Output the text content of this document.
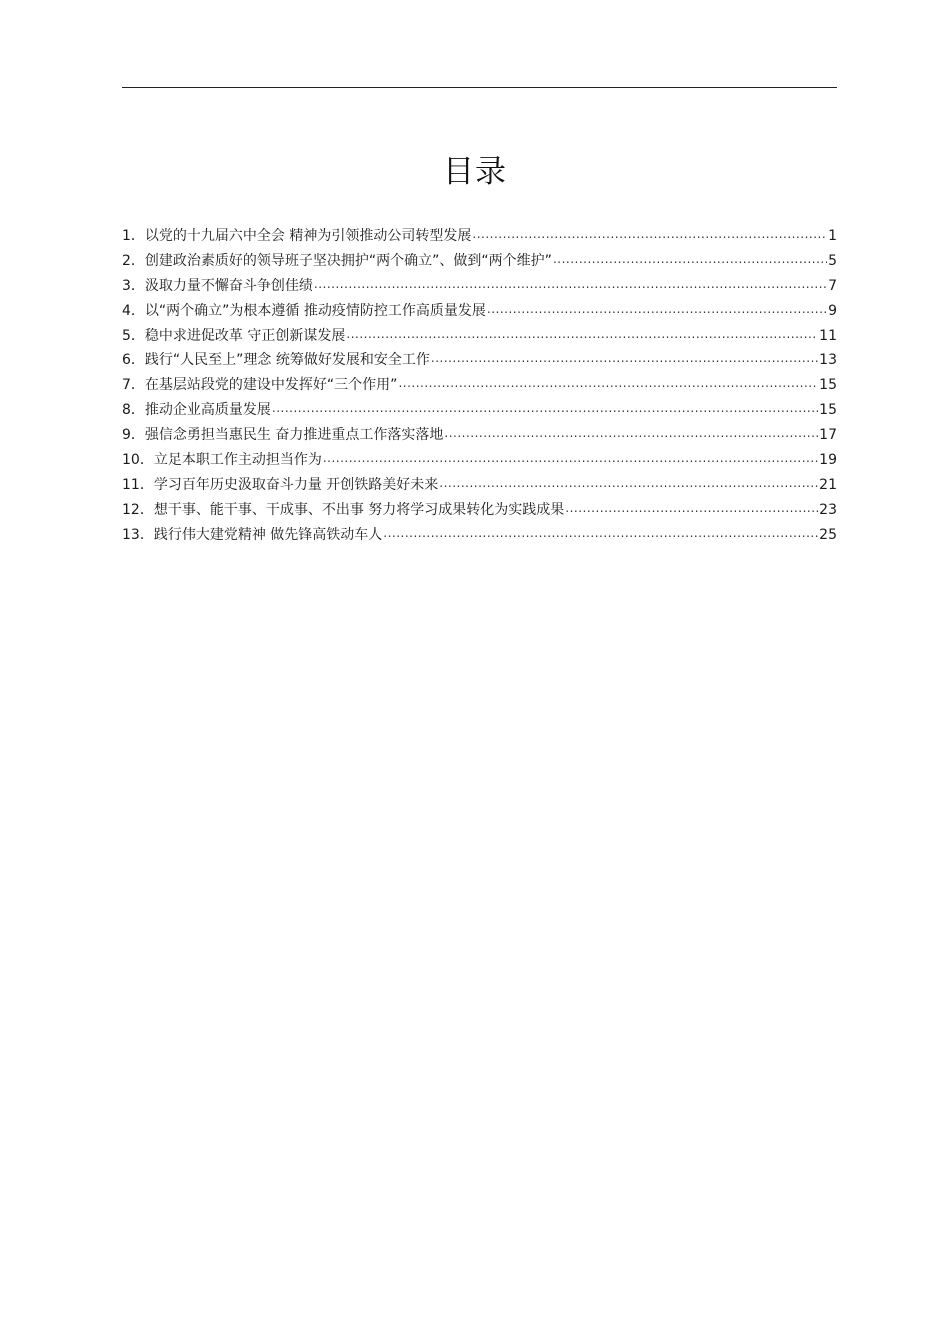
目录
1． 以党的十九届六中全会 精神为引领推动公司转型发展 .....	1
2． 创建政治素质好的领导班子坚决拥护“两个确立”、做到“两个维护” .....	5
3． 汲取力量不懈奋斗争创佳绩 .....	7
4． 以“两个确立”为根本遵循 推动疫情防控工作高质量发展 .....	9
5． 稳中求进促改革 守正创新谋发展 .....	11
6． 践行“人民至上”理念 统筹做好发展和安全工作 .....	13
7． 在基层站段党的建设中发挥好“三个作用” .....	15
8． 推动企业高质量发展 .....	15
9． 强信念勇担当惠民生 奋力推进重点工作落实落地 .....	17
10． 立足本职工作主动担当作为 .....	19
11． 学习百年历史汲取奋斗力量 开创铁路美好未来 .....	21
12． 想干事、能干事、干成事、不出事 努力将学习成果转化为实践成果 .....	23
13． 践行伟大建党精神 做先锋高铁动车人 .....	25
